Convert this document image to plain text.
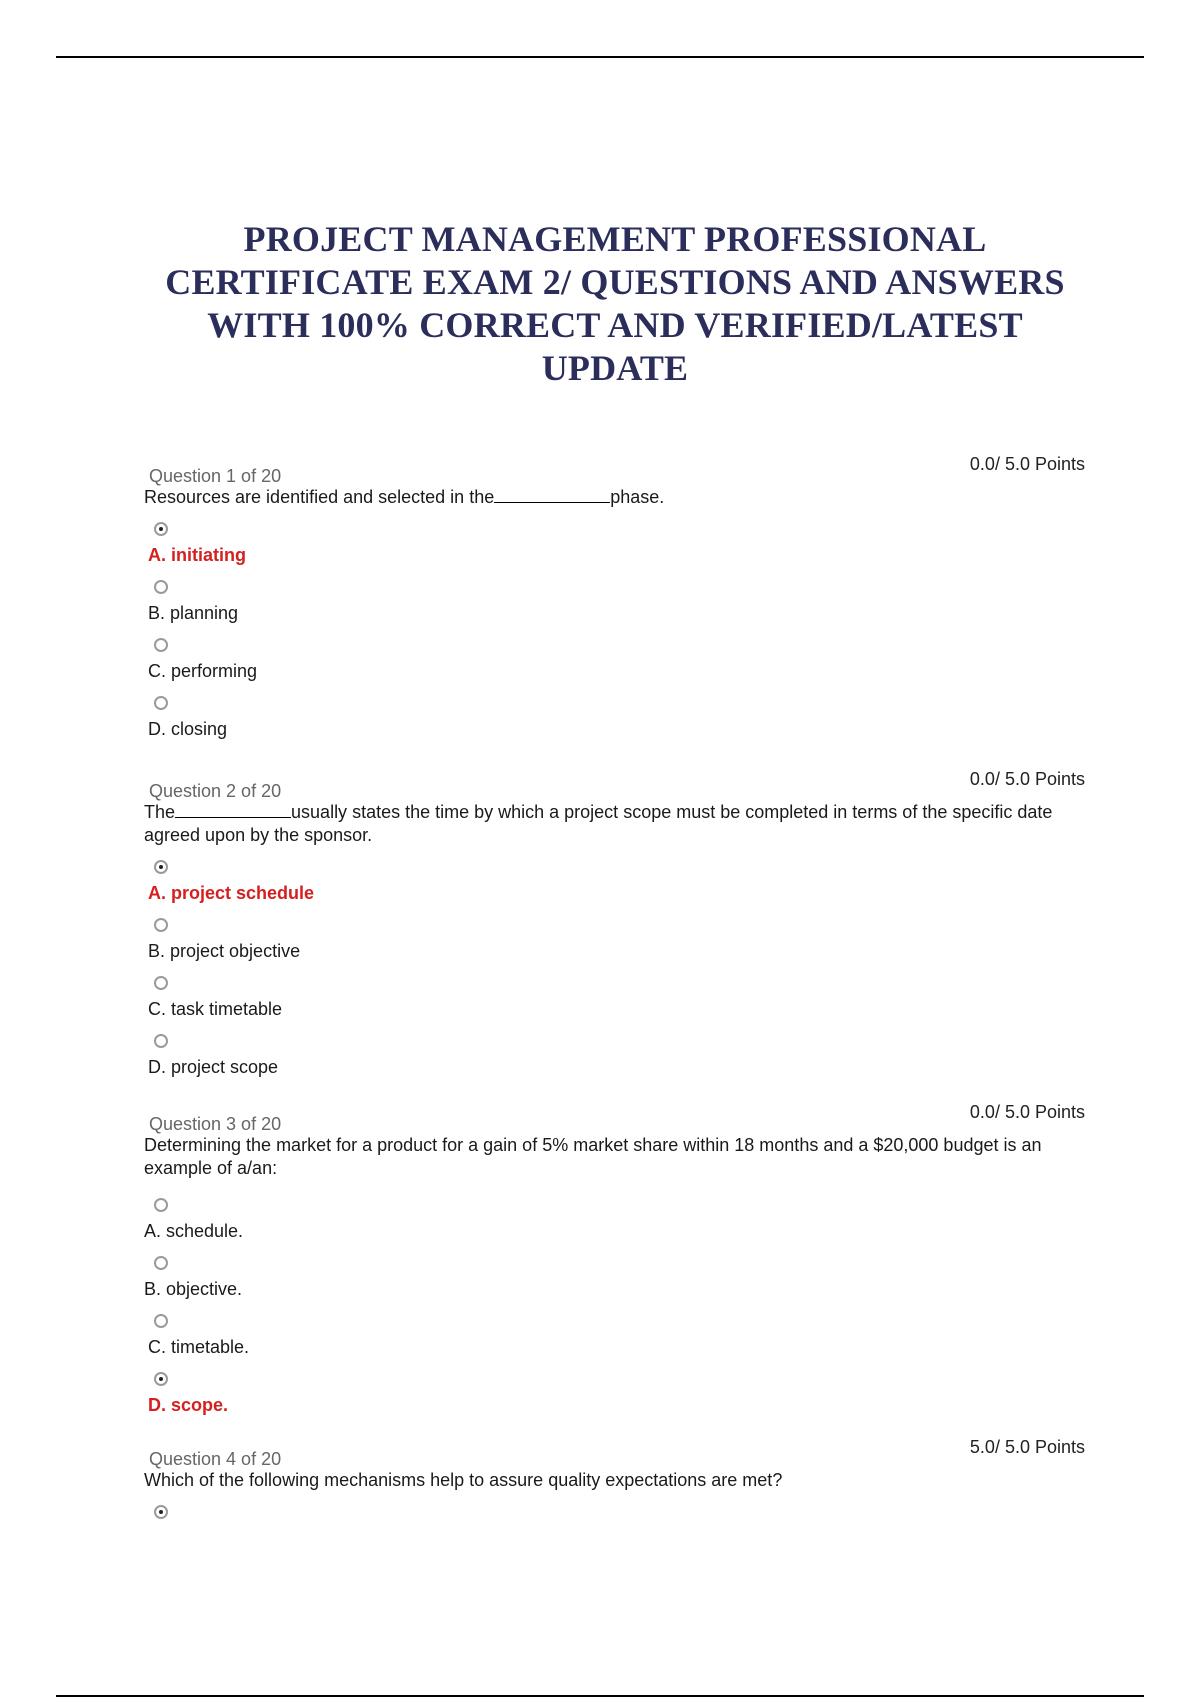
PROJECT MANAGEMENT PROFESSIONAL
CERTIFICATE EXAM 2/ QUESTIONS AND ANSWERS
WITH 100% CORRECT AND VERIFIED/LATEST
UPDATE
Question 1 of 20
0.0/ 5.0 Points
Resources are identified and selected in the	phase.
A. initiating
B. planning
C. performing
D. closing
Question 2 of 20
0.0/ 5.0 Points
The	usually states the time by which a project scope must be completed in terms of the specific date agreed upon by the sponsor.
A. project schedule
B. project objective
C. task timetable
D. project scope
Question 3 of 20
0.0/ 5.0 Points
Determining the market for a product for a gain of 5% market share within 18 months and a $20,000 budget is an example of a/an:
A. schedule.
B. objective.
C. timetable.
D. scope.
Question 4 of 20
5.0/ 5.0 Points
Which of the following mechanisms help to assure quality expectations are met?
